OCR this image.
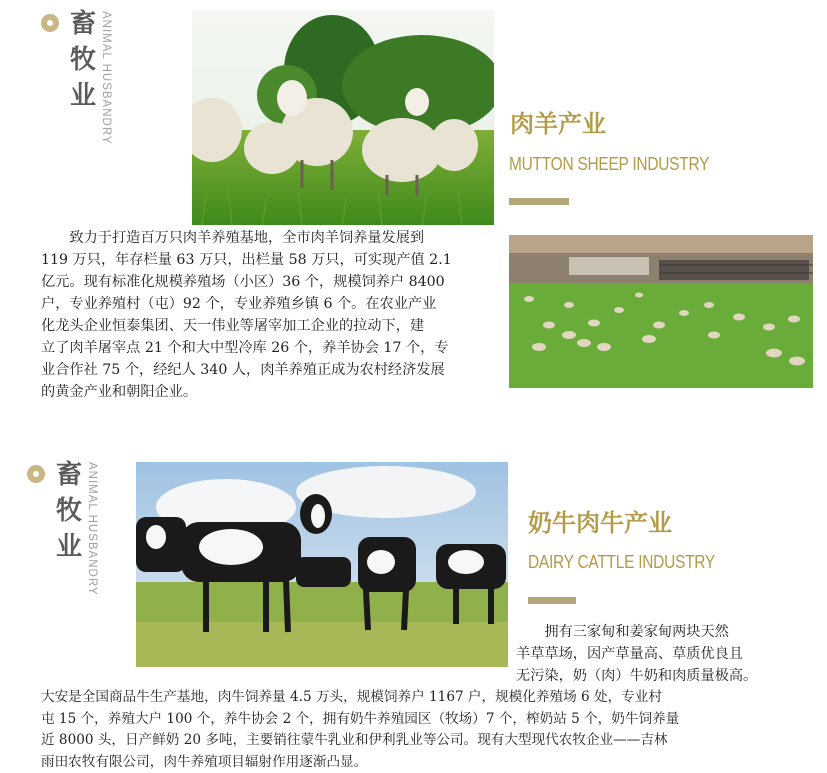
畜
牧
业 ANIMAL HUSBANDRY	肉羊产业
MUTTON SHEEP INDUSTRY
　　致力于打造百万只肉羊养殖基地，全市肉羊饲养量发展到
119 万只，年存栏量 63 万只，出栏量 58 万只，可实现产值 2.1
亿元。现有标准化规模养殖场（小区）36 个，规模饲养户 8400
户，专业养殖村（屯）92 个，专业养殖乡镇 6 个。在农业产业
化龙头企业恒泰集团、天一伟业等屠宰加工企业的拉动下，建
立了肉羊屠宰点 21 个和大中型冷库 26 个，养羊协会 17 个，专
业合作社 75 个，经纪人 340 人，肉羊养殖正成为农村经济发展
的黄金产业和朝阳企业。
畜
牧
业 ANIMAL HUSBANDRY	奶牛肉牛产业
DAIRY CATTLE INDUSTRY
　　拥有三家甸和姜家甸两块天然
羊草草场，因产草量高、草质优良且
无污染，奶（肉）牛奶和肉质量极高。
大安是全国商品牛生产基地，肉牛饲养量 4.5 万头，规模饲养户 1167 户，规模化养殖场 6 处，专业村
屯 15 个，养殖大户 100 个，养牛协会 2 个，拥有奶牛养殖园区（牧场）7 个，榨奶站 5 个，奶牛饲养量
近 8000 头，日产鲜奶 20 多吨，主要销往蒙牛乳业和伊利乳业等公司。现有大型现代农牧企业——吉林
雨田农牧有限公司，肉牛养殖项目辐射作用逐渐凸显。
